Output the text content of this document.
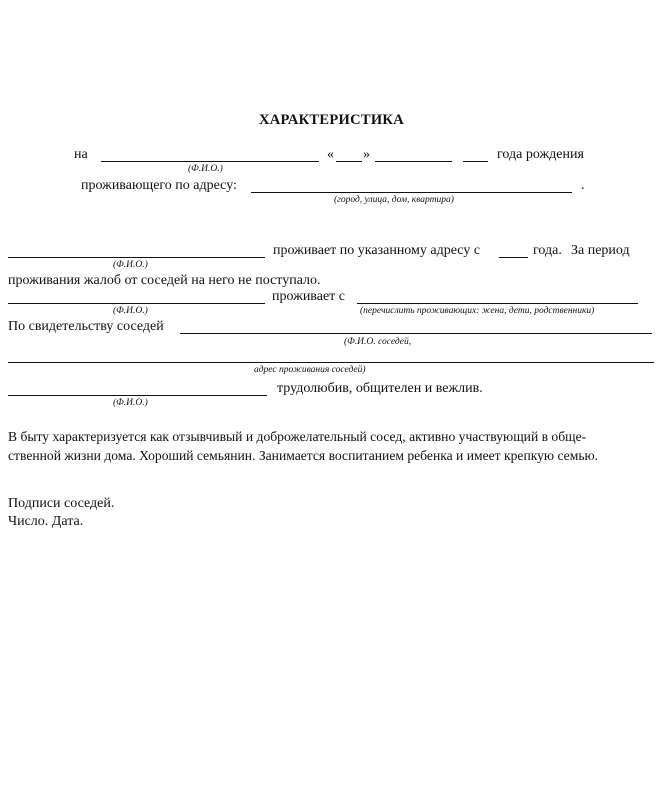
ХАРАКТЕРИСТИКА
на	« »	года рождения
(Ф.И.О.)
проживающего по адресу:	.
(город, улица, дом, квартира)
проживает по указанному адресу с	года. За период
(Ф.И.О.)
проживания жалоб от соседей на него не поступало.
проживает с
(Ф.И.О.)	(перечислить проживающих: жена, дети, родственники)
По свидетельству соседей
(Ф.И.О. соседей,
адрес проживания соседей)
трудолюбив, общителен и вежлив.
(Ф.И.О.)
В быту характеризуется как отзывчивый и доброжелательный сосед, активно участвующий в обще-
ственной жизни дома. Хороший семьянин. Занимается воспитанием ребенка и имеет крепкую семью.
Подписи соседей.
Число. Дата.
